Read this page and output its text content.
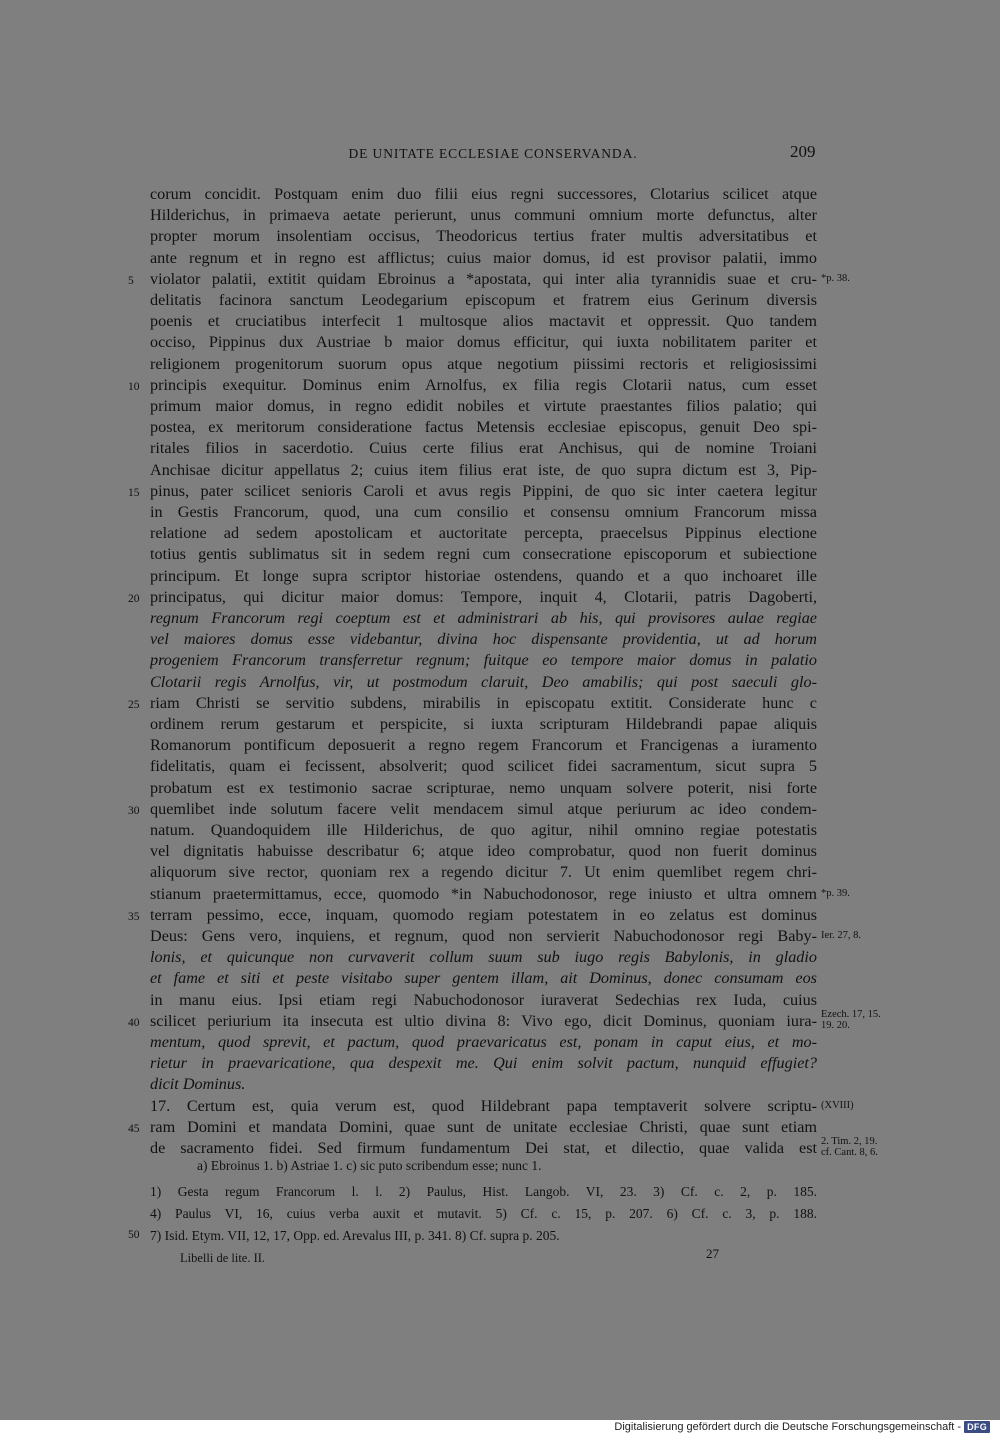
DE UNITATE ECCLESIAE CONSERVANDA.	209
corum concidit. Postquam enim duo filii eius regni successores, Clotarius scilicet atque
Hilderichus, in primaeva aetate perierunt, unus communi omnium morte defunctus, alter
propter morum insolentiam occisus, Theodoricus tertius frater multis adversitatibus et
ante regnum et in regno est afflictus; cuius maior domus, id est provisor palatii, immo
violator palatii, extitit quidam Ebroinus a *apostata, qui inter alia tyrannidis suae et cru-
5	*p. 38.
delitatis facinora sanctum Leodegarium episcopum et fratrem eius Gerinum diversis
poenis et cruciatibus interfecit 1 multosque alios mactavit et oppressit. Quo tandem
occiso, Pippinus dux Austriae b maior domus efficitur, qui iuxta nobilitatem pariter et
religionem progenitorum suorum opus atque negotium piissimi rectoris et religiosissimi
principis exequitur. Dominus enim Arnolfus, ex filia regis Clotarii natus, cum esset
10
primum maior domus, in regno edidit nobiles et virtute praestantes filios palatio; qui
postea, ex meritorum consideratione factus Metensis ecclesiae episcopus, genuit Deo spi-
ritales filios in sacerdotio. Cuius certe filius erat Anchisus, qui de nomine Troiani
Anchisae dicitur appellatus 2; cuius item filius erat iste, de quo supra dictum est 3, Pip-
pinus, pater scilicet senioris Caroli et avus regis Pippini, de quo sic inter caetera legitur
15
in Gestis Francorum, quod, una cum consilio et consensu omnium Francorum missa
relatione ad sedem apostolicam et auctoritate percepta, praecelsus Pippinus electione
totius gentis sublimatus sit in sedem regni cum consecratione episcoporum et subiectione
principum. Et longe supra scriptor historiae ostendens, quando et a quo inchoaret ille
principatus, qui dicitur maior domus: Tempore, inquit 4, Clotarii, patris Dagoberti,
20
regnum Francorum regi coeptum est et administrari ab his, qui provisores aulae regiae
vel maiores domus esse videbantur, divina hoc dispensante providentia, ut ad horum
progeniem Francorum transferretur regnum; fuitque eo tempore maior domus in palatio
Clotarii regis Arnolfus, vir, ut postmodum claruit, Deo amabilis; qui post saeculi glo-
riam Christi se servitio subdens, mirabilis in episcopatu extitit. Considerate hunc c
25
ordinem rerum gestarum et perspicite, si iuxta scripturam Hildebrandi papae aliquis
Romanorum pontificum deposuerit a regno regem Francorum et Francigenas a iuramento
fidelitatis, quam ei fecissent, absolverit; quod scilicet fidei sacramentum, sicut supra 5
probatum est ex testimonio sacrae scripturae, nemo unquam solvere poterit, nisi forte
quemlibet inde solutum facere velit mendacem simul atque periurum ac ideo condem-
30
natum. Quandoquidem ille Hilderichus, de quo agitur, nihil omnino regiae potestatis
vel dignitatis habuisse describatur 6; atque ideo comprobatur, quod non fuerit dominus
aliquorum sive rector, quoniam rex a regendo dicitur 7. Ut enim quemlibet regem chri-
stianum praetermittamus, ecce, quomodo *in Nabuchodonosor, rege iniusto et ultra omnem *p. 39.
terram pessimo, ecce, inquam, quomodo regiam potestatem in eo zelatus est dominus
35
Deus: Gens vero, inquiens, et regnum, quod non servierit Nabuchodonosor regi Baby- Ier. 27, 8.
lonis, et quicunque non curvaverit collum suum sub iugo regis Babylonis, in gladio
et fame et siti et peste visitabo super gentem illam, ait Dominus, donec consumam eos
in manu eius. Ipsi etiam regi Nabuchodonosor iuraverat Sedechias rex Iuda, cuius
scilicet periurium ita insecuta est ultio divina 8: Vivo ego, dicit Dominus, quoniam iura-
40
Ezech. 17, 15. 19. 20.
mentum, quod sprevit, et pactum, quod praevaricatus est, ponam in caput eius, et mo-
rietur in praevaricatione, qua despexit me. Qui enim solvit pactum, nunquid effugiet?
dicit Dominus.
17. Certum est, quia verum est, quod Hildebrant papa temptaverit solvere scriptu- (XVIII)
ram Domini et mandata Domini, quae sunt de unitate ecclesiae Christi, quae sunt etiam
45
de sacramento fidei. Sed firmum fundamentum Dei stat, et dilectio, quae valida est 2. Tim. 2, 19. cf. Cant. 8, 6.
a) Ebroinus 1. b) Astriae 1. c) sic puto scribendum esse; nunc 1.
1) Gesta regum Francorum l. l. 2) Paulus, Hist. Langob. VI, 23. 3) Cf. c. 2, p. 185.
4) Paulus VI, 16, cuius verba auxit et mutavit. 5) Cf. c. 15, p. 207. 6) Cf. c. 3, p. 188.
7) Isid. Etym. VII, 12, 17, Opp. ed. Arevalus III, p. 341. 8) Cf. supra p. 205.
50
Libelli de lite. II.	27
Digitalisierung gefördert durch die Deutsche Forschungsgemeinschaft - DFG
